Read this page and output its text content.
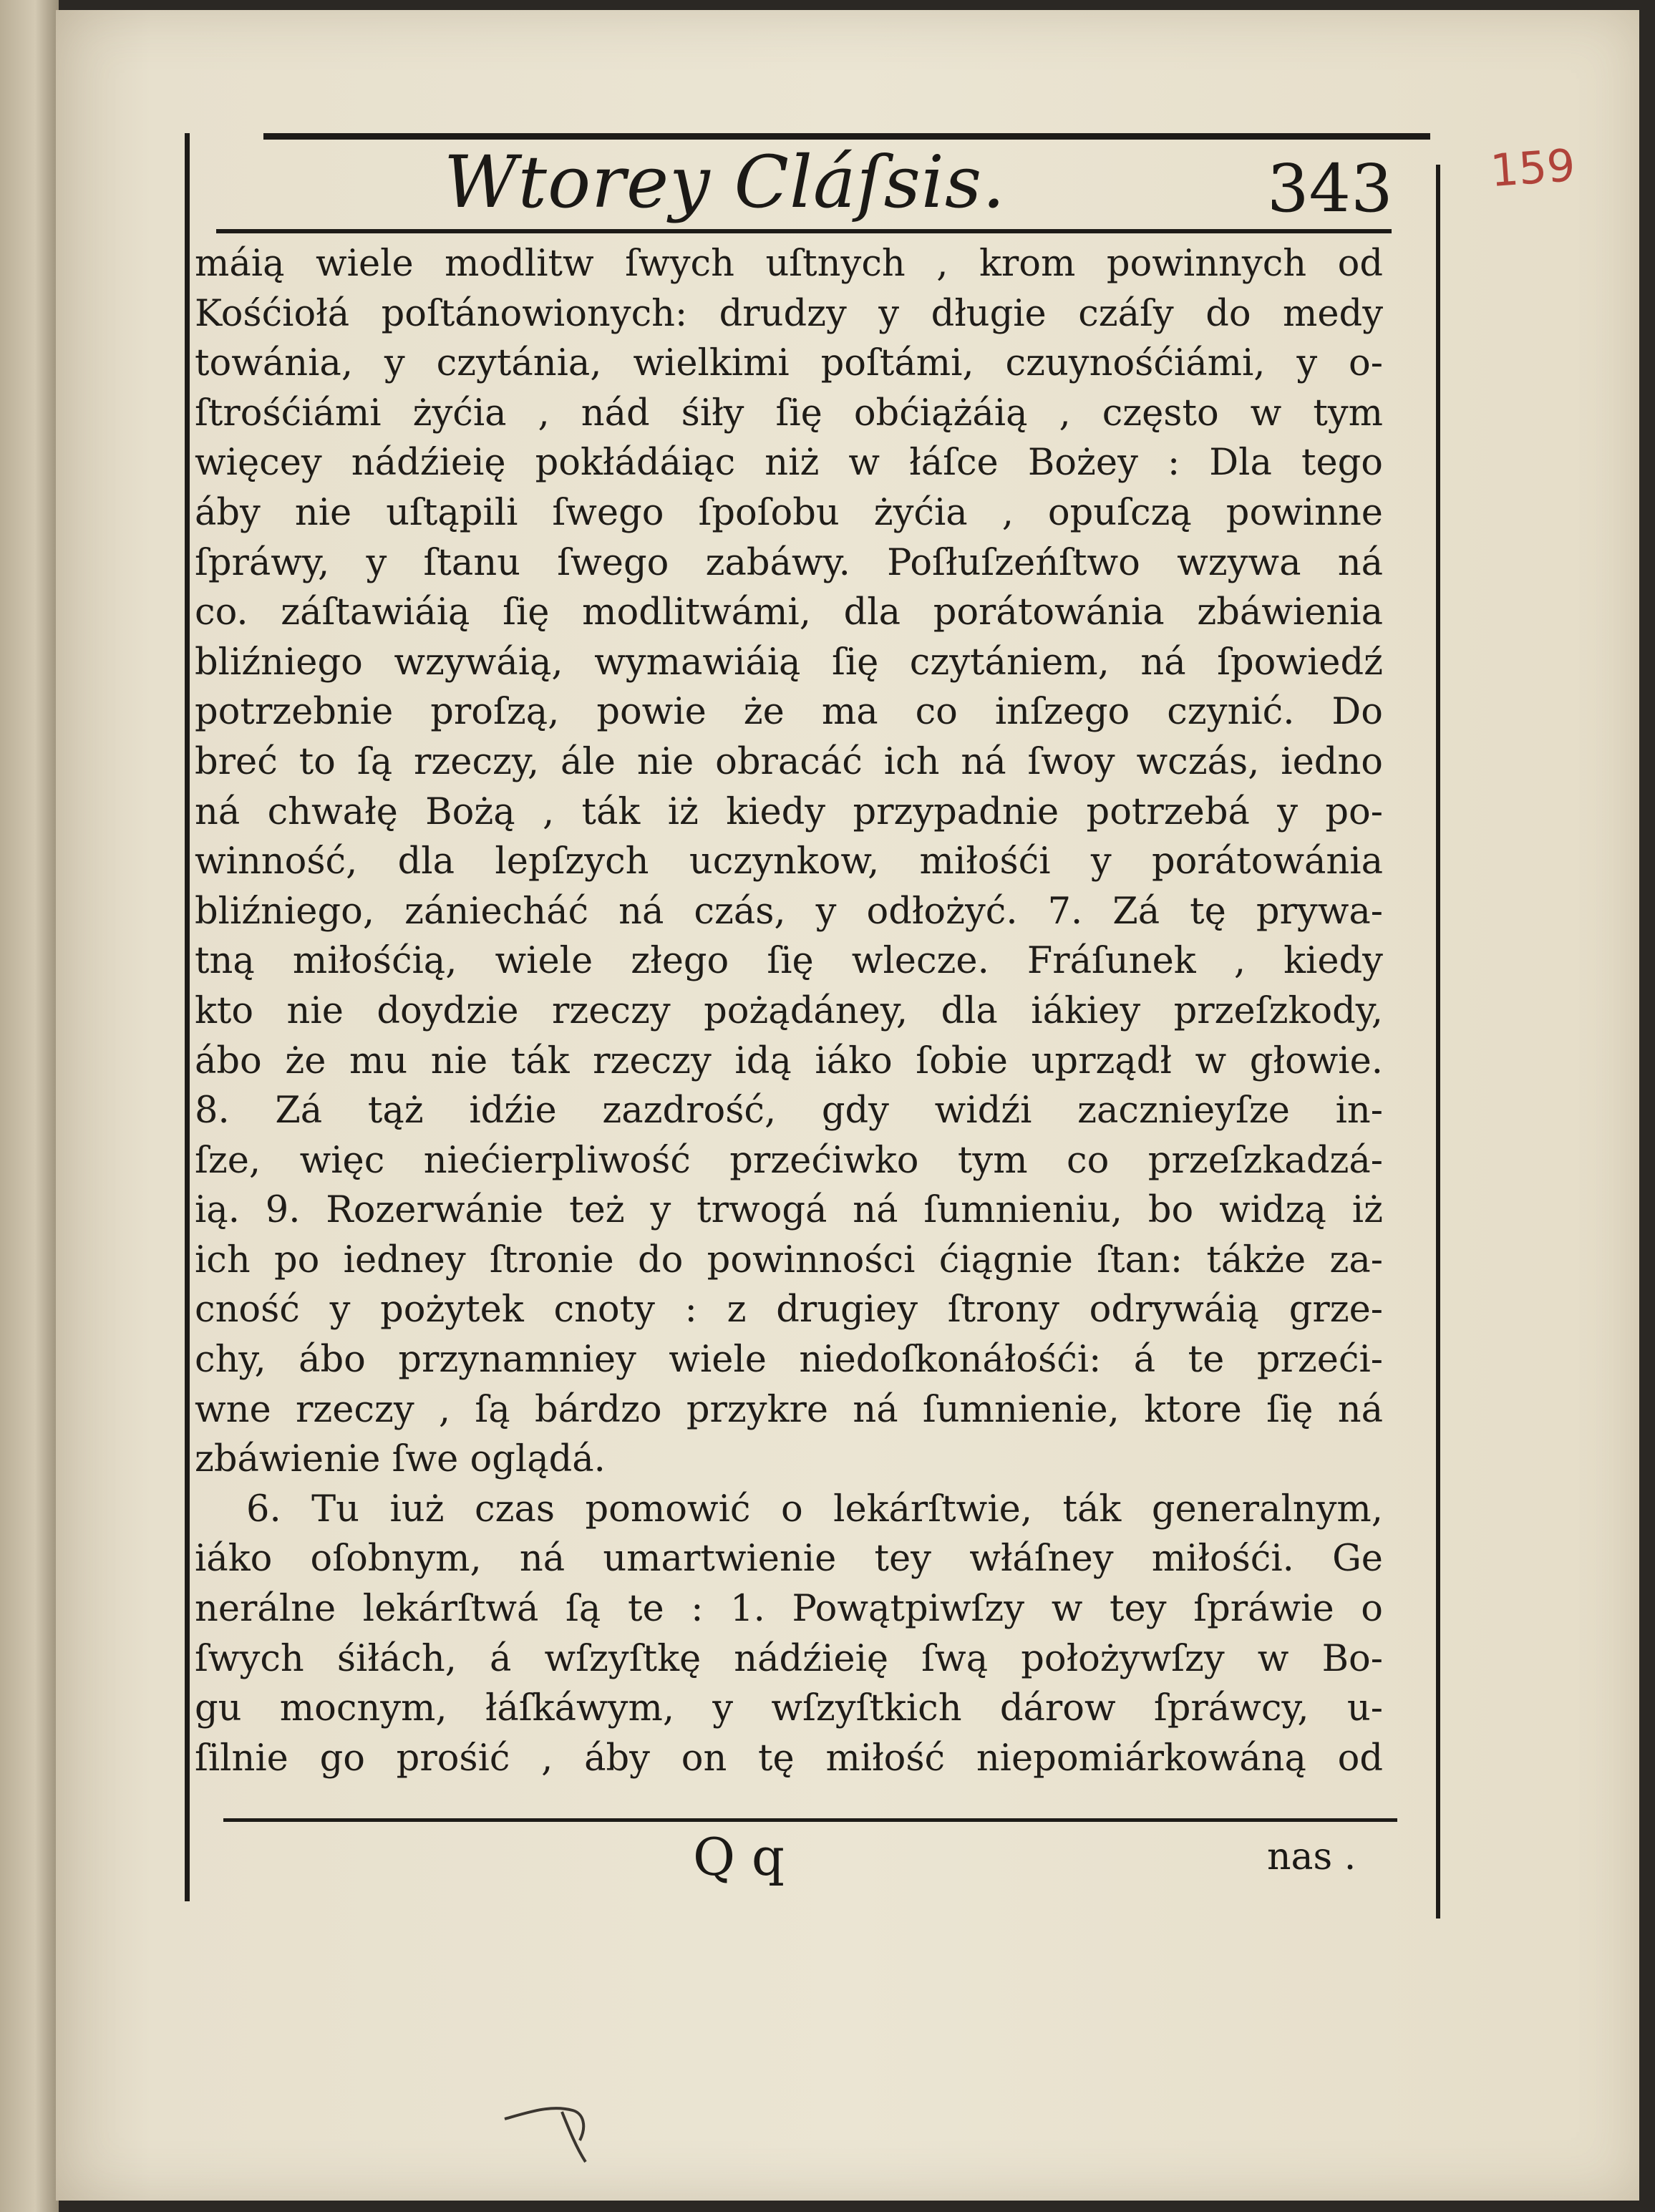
Wtorey Cláſsis.	343 159
máią wiele modlitw ſwych uſtnych , krom powinnych od
Kośćiołá poſtánowionych: drudzy y długie czáſy do medy
towánia, y czytánia, wielkimi poſtámi, czuynośćiámi, y o-
ſtrośćiámi żyćia , nád śiły ſię obćiążáią , często w tym
więcey nádźieię pokłádáiąc niż w łáſce Bożey : Dla tego
áby nie uſtąpili ſwego ſpoſobu żyćia , opuſczą powinne
ſpráwy, y ſtanu ſwego zabáwy. Poſłuſzeńſtwo wzywa ná
co. záſtawiáią ſię modlitwámi, dla porátowánia zbáwienia
bliźniego wzywáią, wymawiáią ſię czytániem, ná ſpowiedź
potrzebnie proſzą, powie że ma co inſzego czynić. Do
breć to ſą rzeczy, ále nie obracáć ich ná ſwoy wczás, iedno
ná chwałę Bożą , ták iż kiedy przypadnie potrzebá y po-
winność, dla lepſzych uczynkow, miłośći y porátowánia
bliźniego, zániecháć ná czás, y odłożyć. 7. Zá tę prywa-
tną miłośćią, wiele złego ſię wlecze. Fráſunek , kiedy
kto nie doydzie rzeczy pożądáney, dla iákiey przeſzkody,
ábo że mu nie ták rzeczy idą iáko ſobie uprządł w głowie.
8. Zá tąż idźie zazdrość, gdy widźi zacznieyſze in-
ſze, więc niećierpliwość przećiwko tym co przeſzkadzá-
ią. 9. Rozerwánie też y trwogá ná ſumnieniu, bo widzą iż
ich po iedney ſtronie do powinności ćiągnie ſtan: tákże za-
cność y pożytek cnoty : z drugiey ſtrony odrywáią grze-
chy, ábo przynamniey wiele niedoſkonáłośći: á te przeći-
wne rzeczy , ſą bárdzo przykre ná ſumnienie, ktore ſię ná
zbáwienie ſwe oglądá.
6. Tu iuż czas pomowić o lekárſtwie, ták generalnym,
iáko oſobnym, ná umartwienie tey włáſney miłośći. Ge
nerálne lekárſtwá ſą te : 1. Powątpiwſzy w tey ſpráwie o
ſwych śiłách, á wſzyſtkę nádźieię ſwą położywſzy w Bo-
gu mocnym, łáſkáwym, y wſzyſtkich dárow ſpráwcy, u-
ſilnie go prośić , áby on tę miłość niepomiárkowáną od
Q q	nas .
